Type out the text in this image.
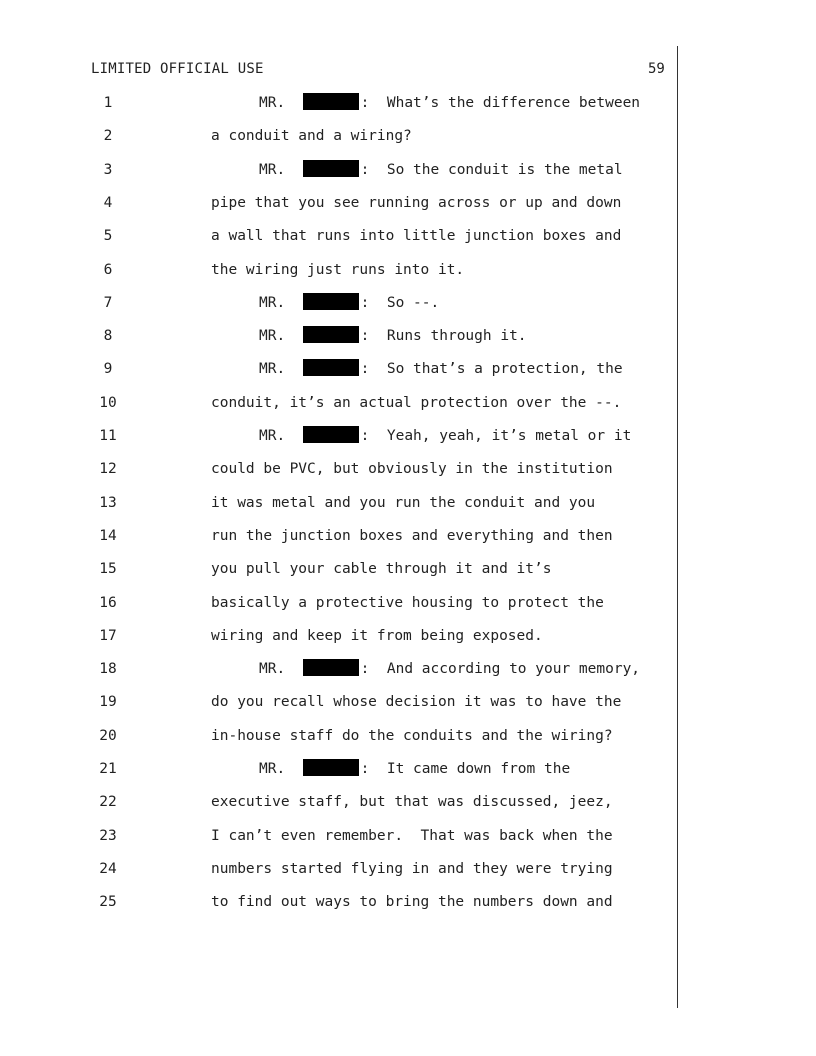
LIMITED OFFICIAL USE	59
1	MR.	:  What’s the difference between
2	a conduit and a wiring?
3	MR.	:  So the conduit is the metal
4	pipe that you see running across or up and down
5	a wall that runs into little junction boxes and
6	the wiring just runs into it.
7	MR.	:  So --.
8	MR.	:  Runs through it.
9	MR.	:  So that’s a protection, the
10	conduit, it’s an actual protection over the --.
11	MR.	:  Yeah, yeah, it’s metal or it
12	could be PVC, but obviously in the institution
13	it was metal and you run the conduit and you
14	run the junction boxes and everything and then
15	you pull your cable through it and it’s
16	basically a protective housing to protect the
17	wiring and keep it from being exposed.
18	MR.	:  And according to your memory,
19	do you recall whose decision it was to have the
20	in-house staff do the conduits and the wiring?
21	MR.	:  It came down from the
22	executive staff, but that was discussed, jeez,
23	I can’t even remember.  That was back when the
24	numbers started flying in and they were trying
25	to find out ways to bring the numbers down and
